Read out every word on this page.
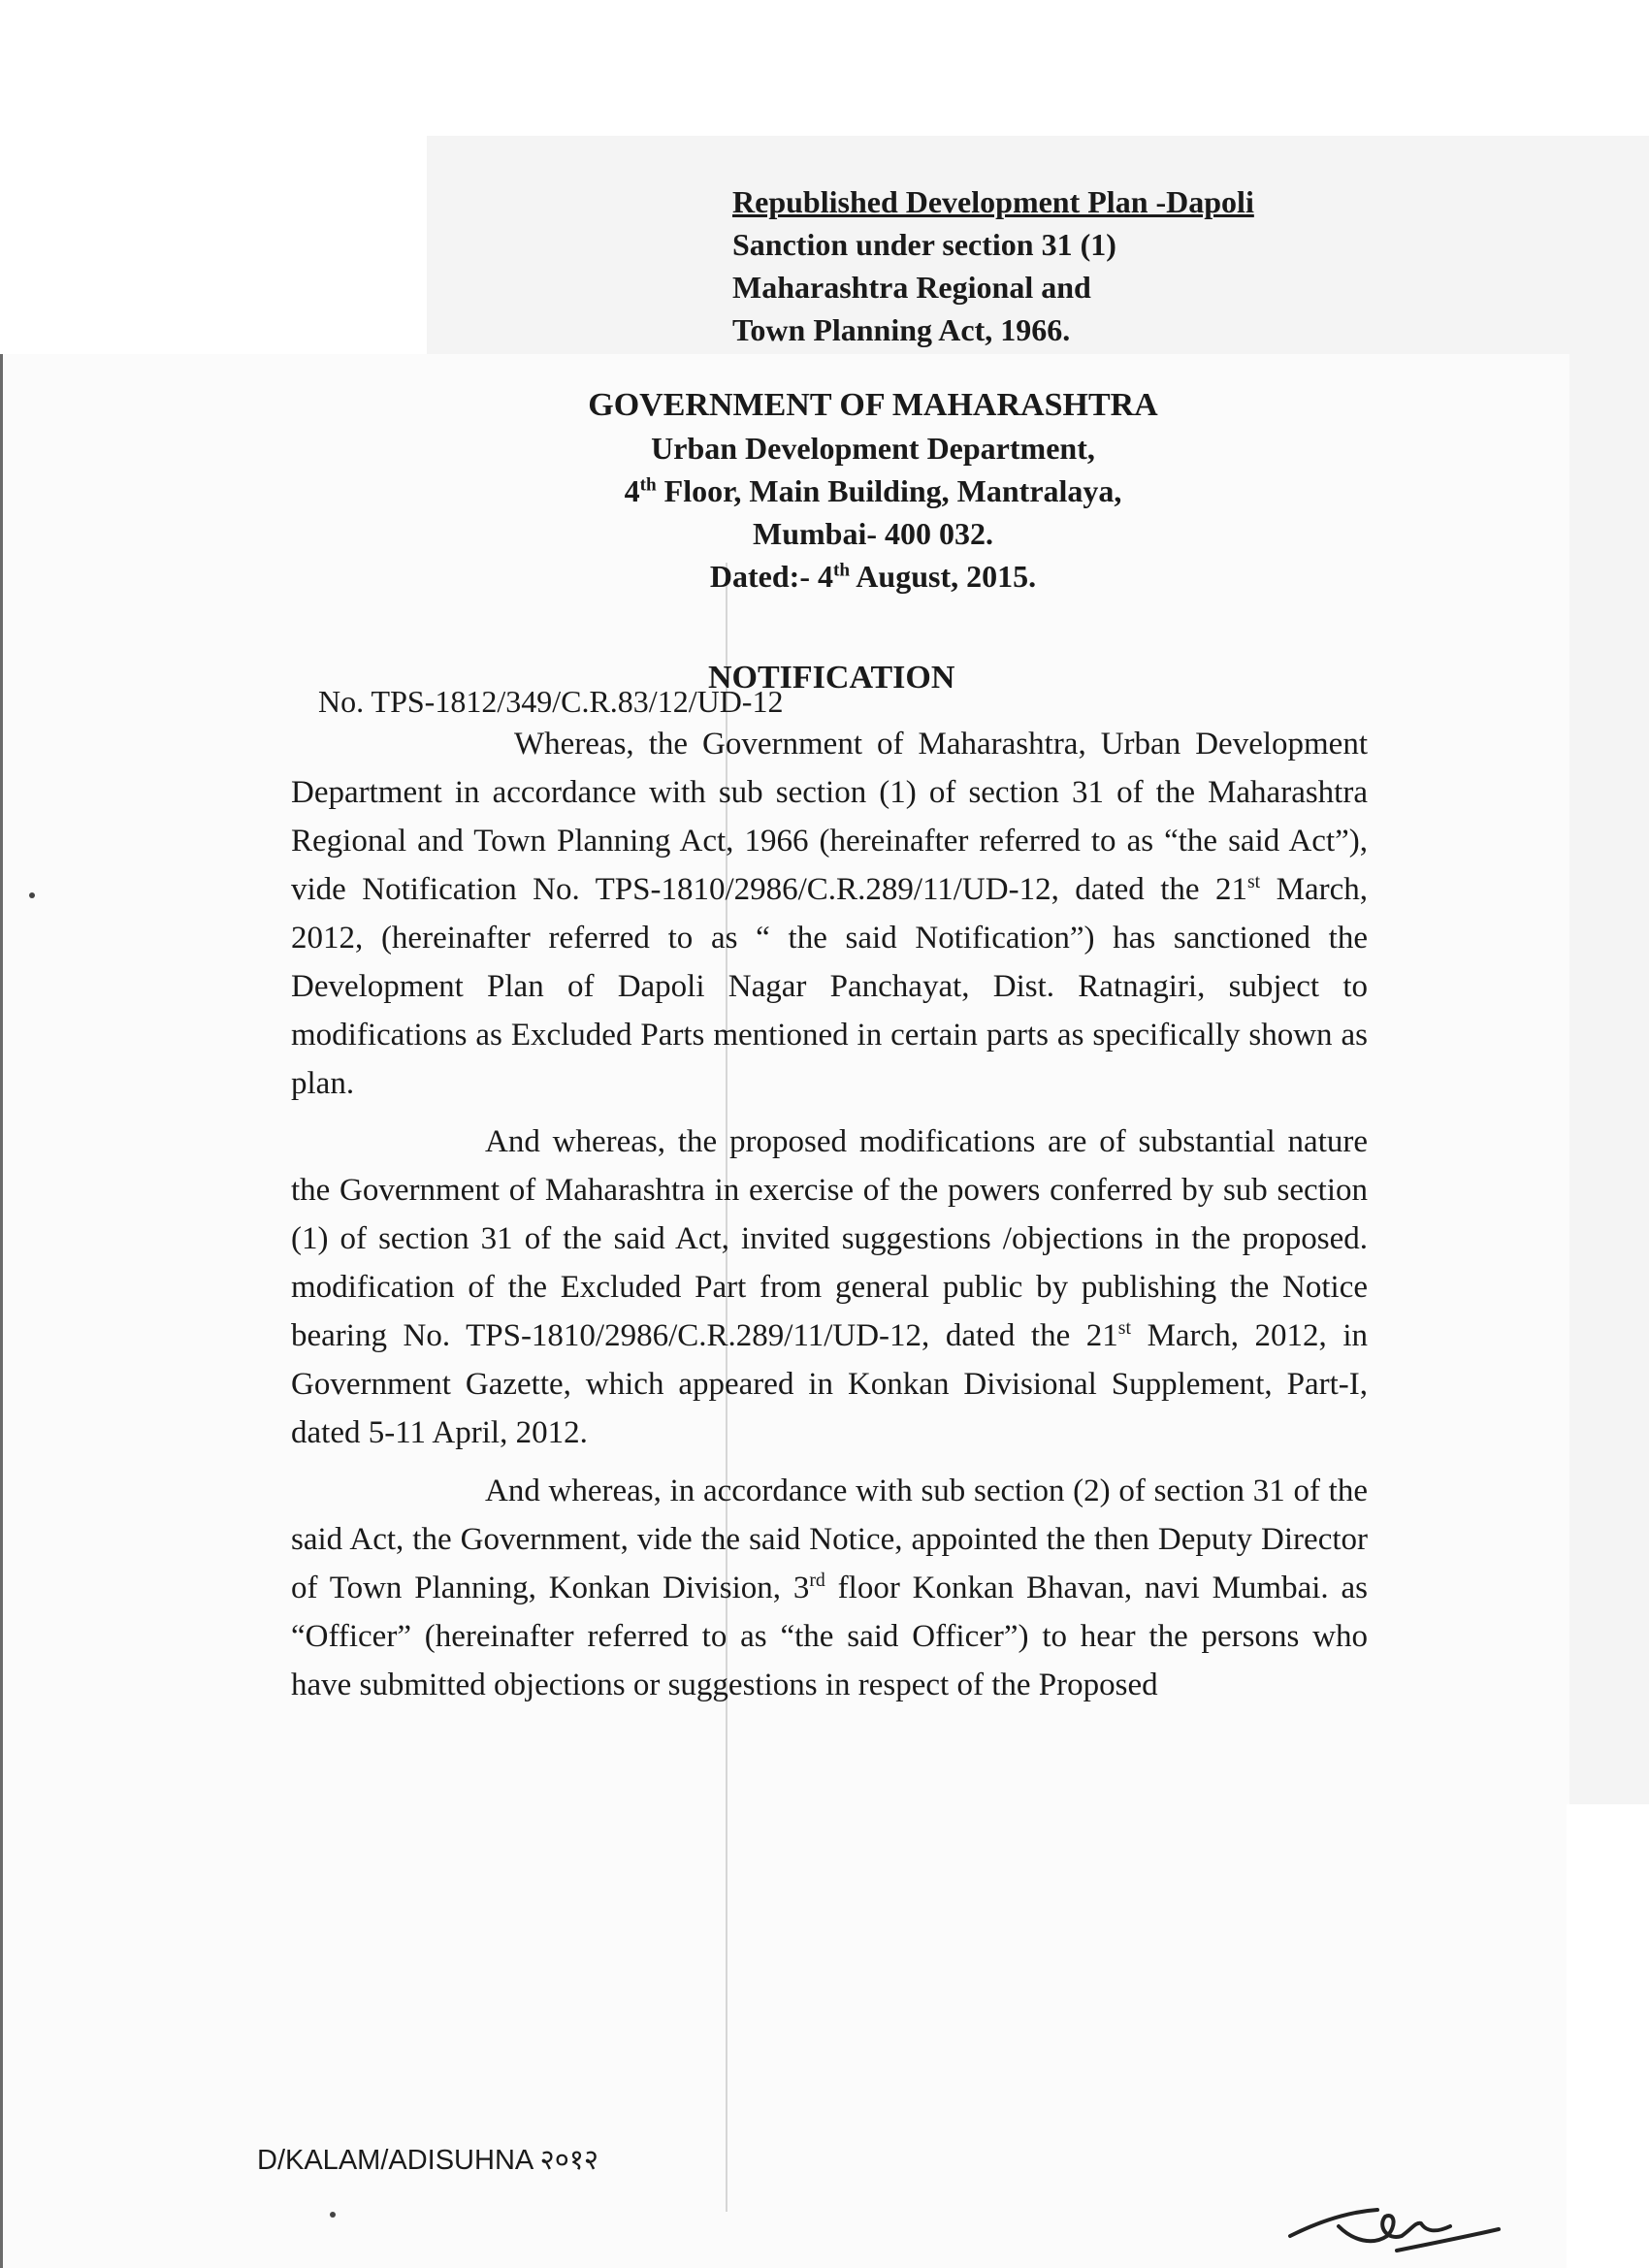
Republished Development Plan -Dapoli
Sanction under section 31 (1)
Maharashtra Regional and
Town Planning Act, 1966.
GOVERNMENT OF MAHARASHTRA
Urban Development Department,
4th Floor, Main Building, Mantralaya,
Mumbai- 400 032.
Dated:- 4th August, 2015.
NOTIFICATION
No. TPS-1812/349/C.R.83/12/UD-12

Whereas, the Government of Maharashtra, Urban Development Department in accordance with sub section (1) of section 31 of the Maharashtra Regional and Town Planning Act, 1966 (hereinafter referred to as “the said Act”), vide Notification No. TPS-1810/2986/C.R.289/11/UD-12, dated the 21st March, 2012, (hereinafter referred to as “ the said Notification”) has sanctioned the Development Plan of Dapoli Nagar Panchayat, Dist. Ratnagiri, subject to modifications as Excluded Parts mentioned in certain parts as specifically shown as plan.

And whereas, the proposed modifications are of substantial nature the Government of Maharashtra in exercise of the powers conferred by sub section (1) of section 31 of the said Act, invited suggestions /objections in the proposed. modification of the Excluded Part from general public by publishing the Notice bearing No. TPS-1810/2986/C.R.289/11/UD-12, dated the 21st March, 2012, in Government Gazette, which appeared in Konkan Divisional Supplement, Part-I, dated 5-11 April, 2012.

And whereas, in accordance with sub section (2) of section 31 of the said Act, the Government, vide the said Notice, appointed the then Deputy Director of Town Planning, Konkan Division, 3rd floor Konkan Bhavan, navi Mumbai. as “Officer” (hereinafter referred to as “the said Officer”) to hear the persons who have submitted objections or suggestions in respect of the Proposed

D/KALAM/ADISUHNA २०१२
